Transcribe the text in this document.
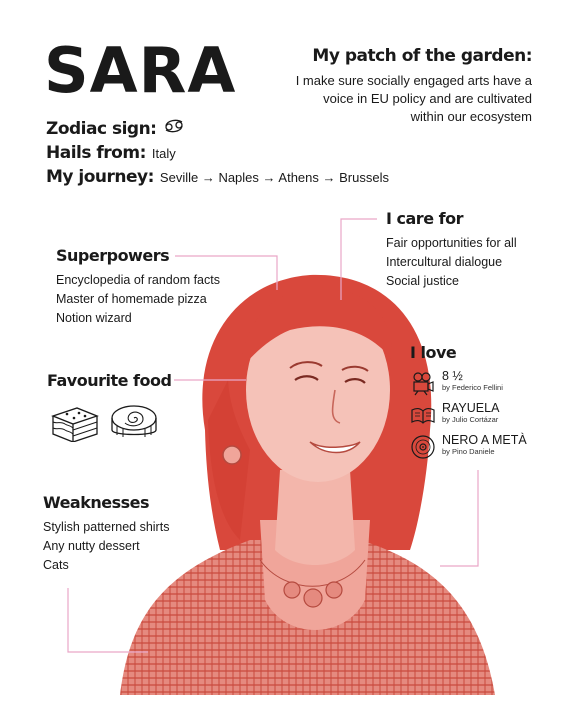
SARA
Zodiac sign:
Hails from: Italy
My journey: Seville → Naples → Athens → Brussels
My patch of the garden:
I make sure socially engaged arts have a
voice in EU policy and are cultivated
within our ecosystem
I care for
Fair opportunities for all
Intercultural dialogue
Social justice
Superpowers
Encyclopedia of random facts
Master of homemade pizza
Notion wizard
Favourite food
I love
8 ½
by Federico Fellini
RAYUELA
by Julio Cortázar
NERO A METÀ
by Pino Daniele
Weaknesses
Stylish patterned shirts
Any nutty dessert
Cats
